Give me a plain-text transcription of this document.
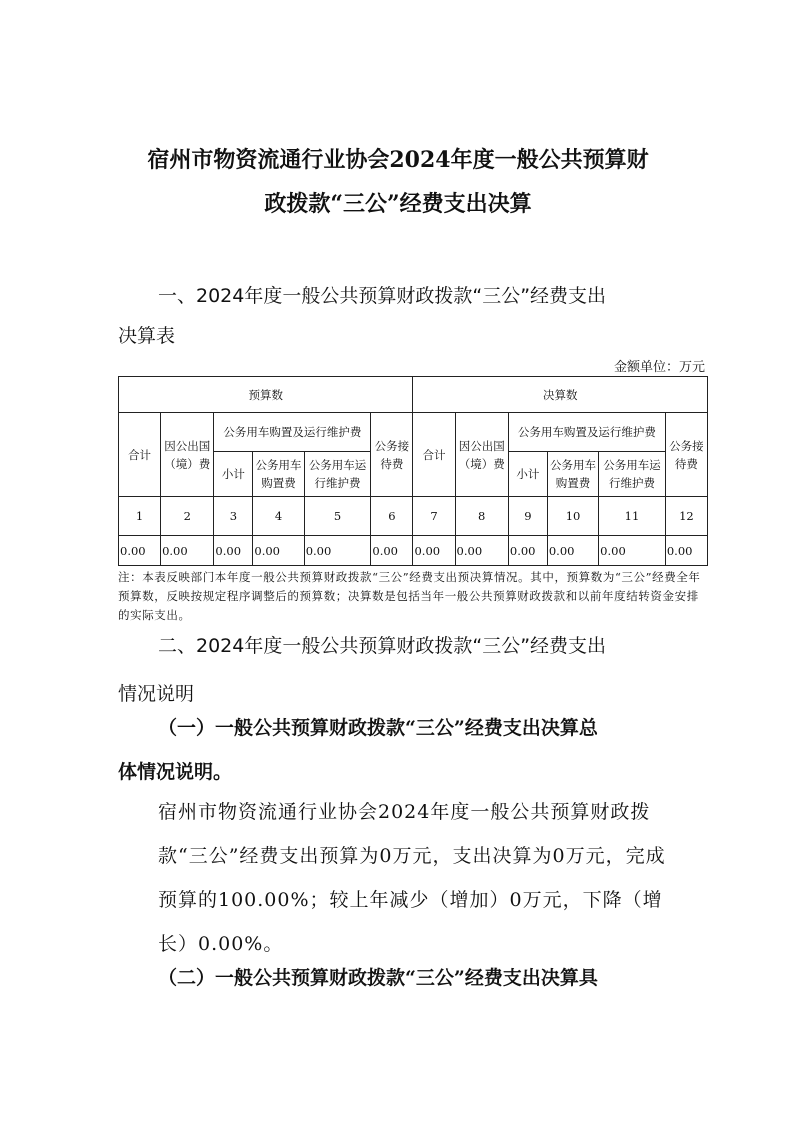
宿州市物资流通行业协会2024年度一般公共预算财
政拨款“三公”经费支出决算
一、2024年度一般公共预算财政拨款“三公”经费支出
决算表
金额单位：万元
预算数						决算数					
合计	因公出国（境）费	公务用车购置及运行维护费			公务接待费	合计	因公出国（境）费	公务用车购置及运行维护费			公务接待费
		小计	公务用车购置费	公务用车运行维护费				小计	公务用车购置费	公务用车运行维护费	
1	2	3	4	5	6	7	8	9	10	11	12
0.00	0.00	0.00	0.00	0.00	0.00	0.00	0.00	0.00	0.00	0.00	0.00
注：本表反映部门本年度一般公共预算财政拨款“三公”经费支出预决算情况。其中，预算数为“三公”经费全年预算数，反映按规定程序调整后的预算数；决算数是包括当年一般公共预算财政拨款和以前年度结转资金安排的实际支出。
二、2024年度一般公共预算财政拨款“三公”经费支出
情况说明
（一）一般公共预算财政拨款“三公”经费支出决算总
体情况说明。
宿州市物资流通行业协会2024年度一般公共预算财政拨款“三公”经费支出预算为0万元，支出决算为0万元，完成预算的100.00%；较上年减少（增加）0万元，下降（增长）0.00%。
（二）一般公共预算财政拨款“三公”经费支出决算具
